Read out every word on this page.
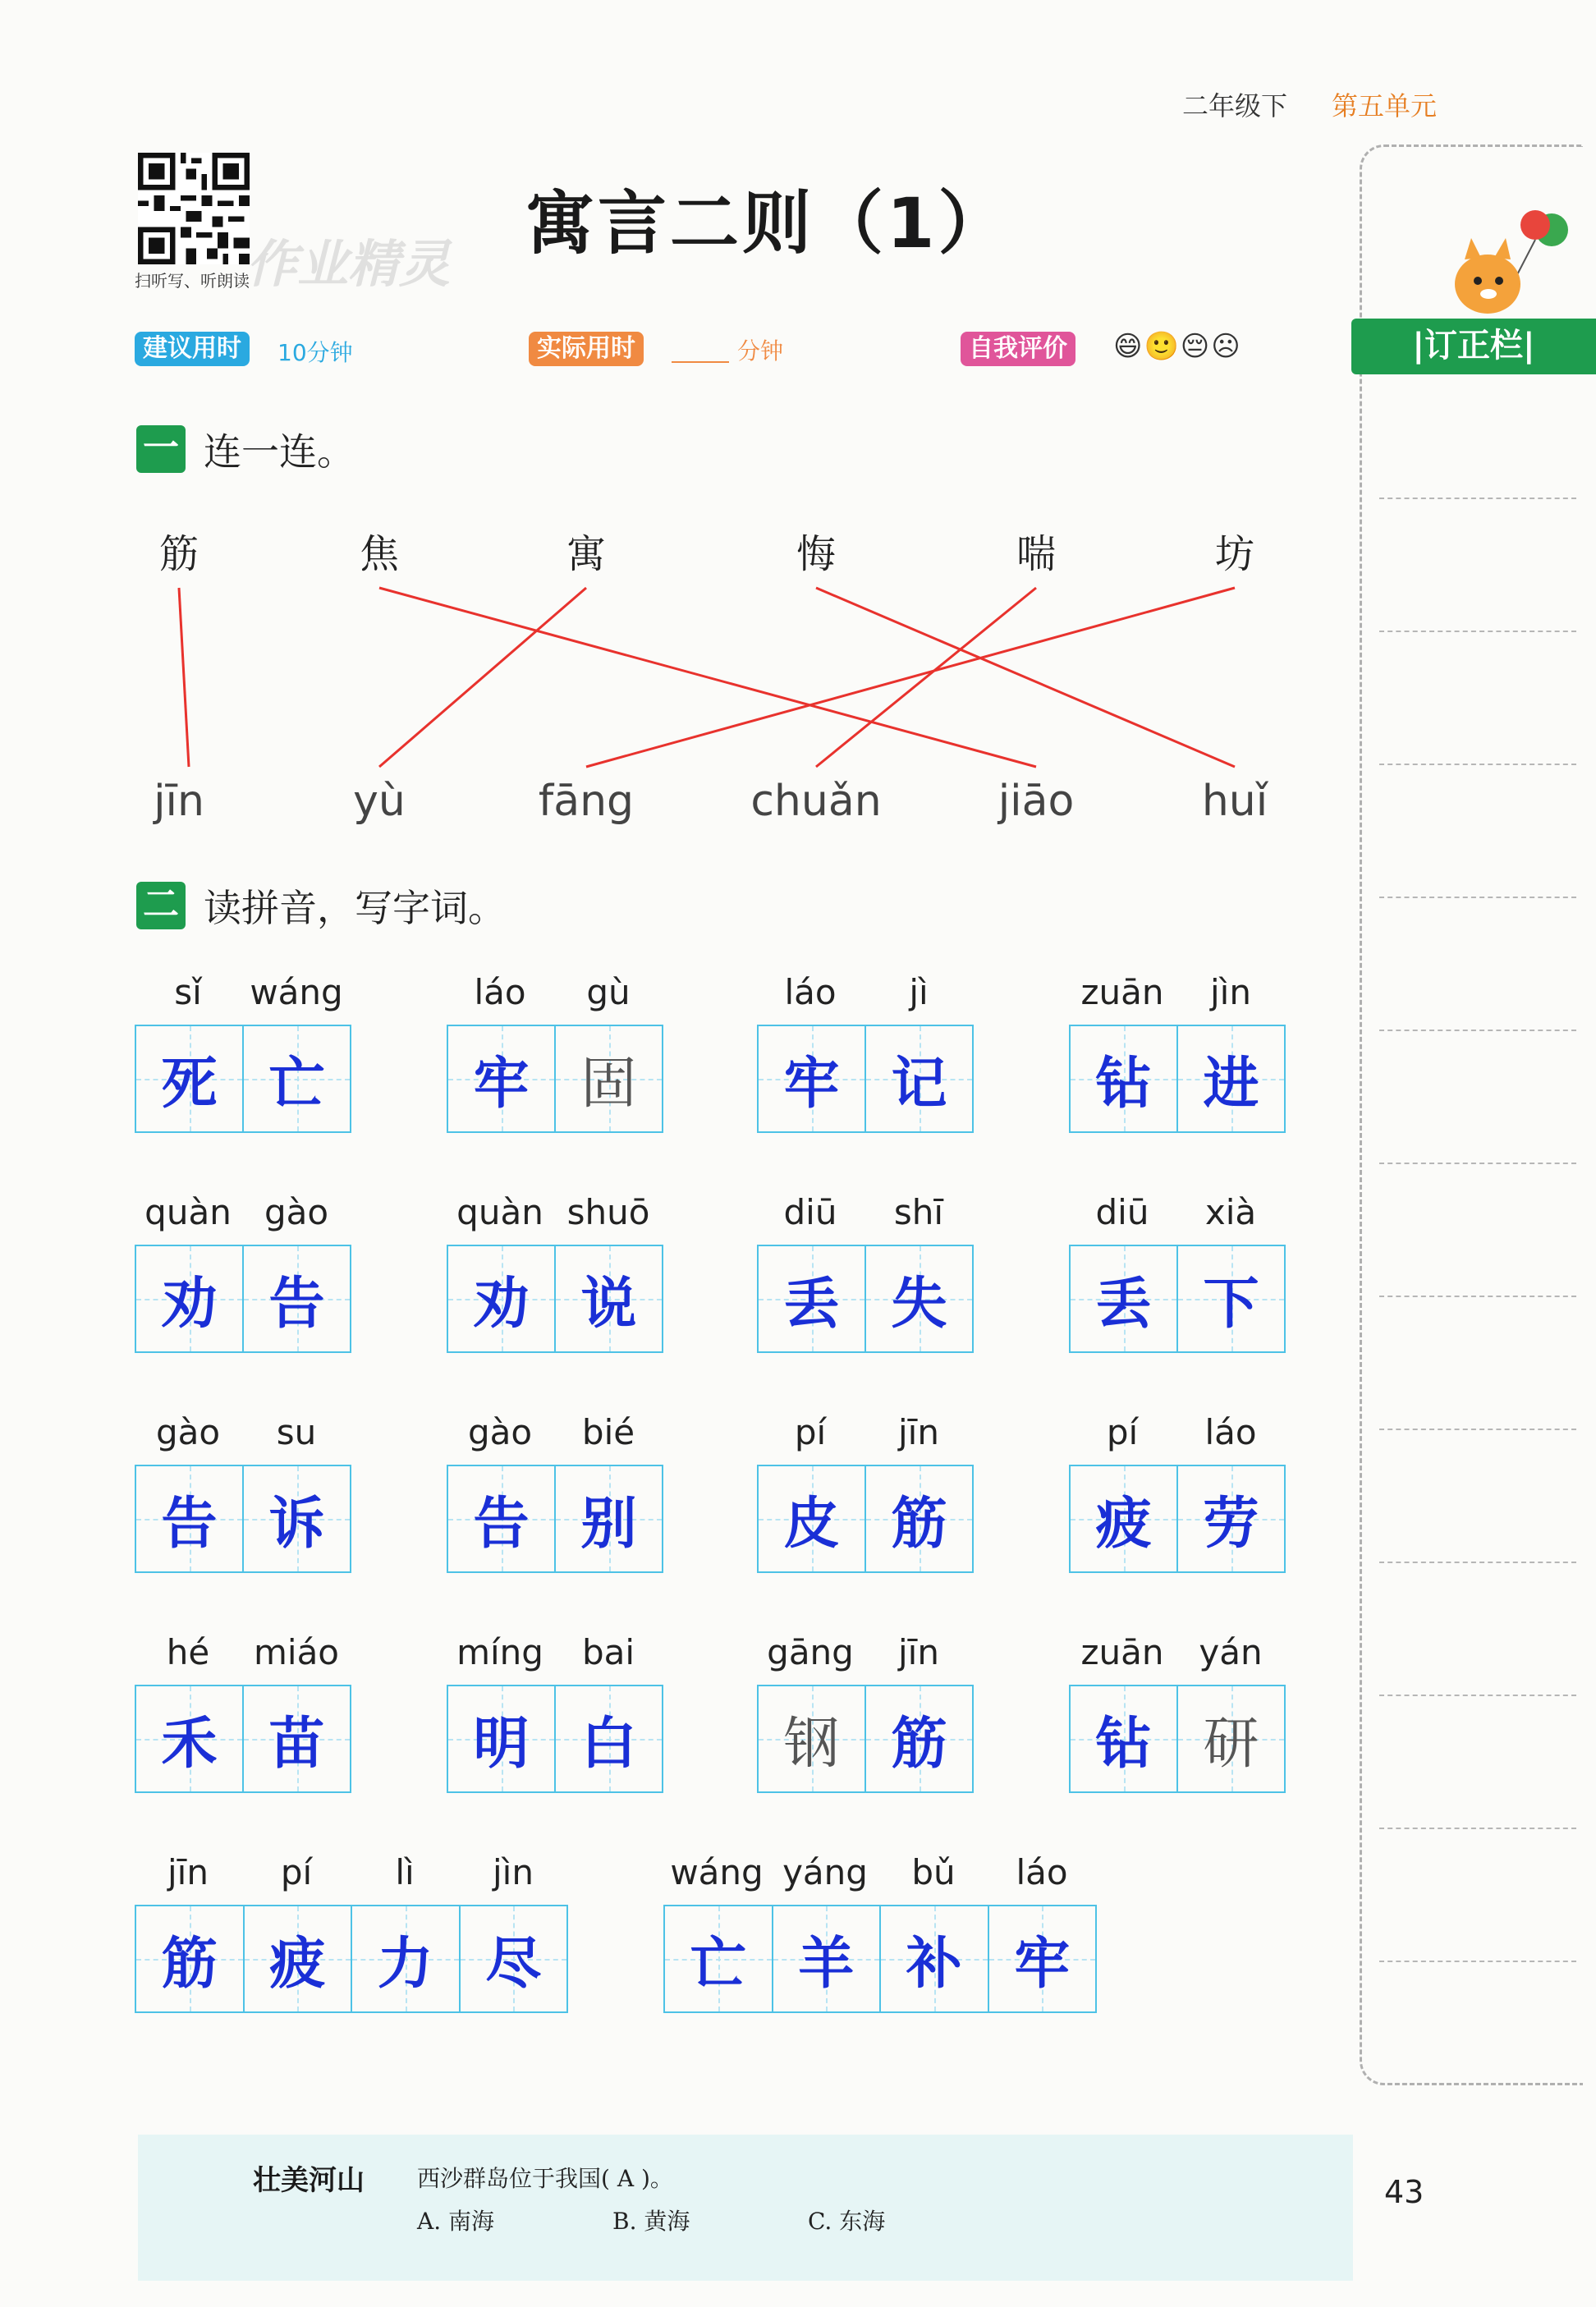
二年级下 第五单元
扫听写、听朗读
作业精灵
寓言二则（1）
建议用时	10分钟	实际用时	分钟	自我评价 😄🙂😔☹
一 连一连。
筋	焦	寓	悔	喘	坊
jīn	yù	fāng	chuǎn	jiāo	huǐ
二 读拼音，写字词。
sǐ	wáng
死 亡
láo	gù
牢 固
láo	jì
牢 记
zuān	jìn
钻 进
quàn gào
劝 告
quàn shuō
劝 说
diū	shī
丢 失
diū	xià
丢 下
gào	su
告 诉
gào	bié
告 别
pí	jīn
皮 筋
pí	láo
疲 劳
hé	miáo
禾 苗
míng	bai
明 白
gāng	jīn
钢 筋
zuān	yán
钻 研
jīn	pí	lì	jìn
筋 疲 力 尽
wáng yáng	bǔ	láo
亡 羊 补 牢
|订正栏|
壮美河山 西沙群岛位于我国( A )。
A. 南海	B. 黄海	C. 东海
43
